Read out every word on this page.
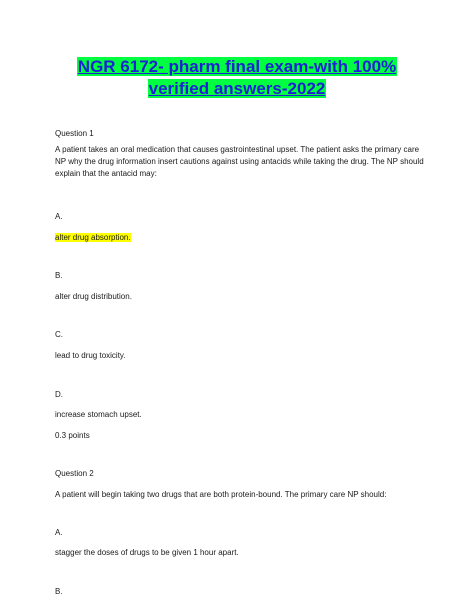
NGR 6172- pharm final exam-with 100%
verified answers-2022
Question 1
A patient takes an oral medication that causes gastrointestinal upset. The patient asks the primary care NP why the drug information insert cautions against using antacids while taking the drug. The NP should explain that the antacid may:
A.
alter drug absorption.
B.
alter drug distribution.
C.
lead to drug toxicity.
D.
increase stomach upset.
0.3 points
Question 2
A patient will begin taking two drugs that are both protein-bound. The primary care NP should:
A.
stagger the doses of drugs to be given 1 hour apart.
B.
